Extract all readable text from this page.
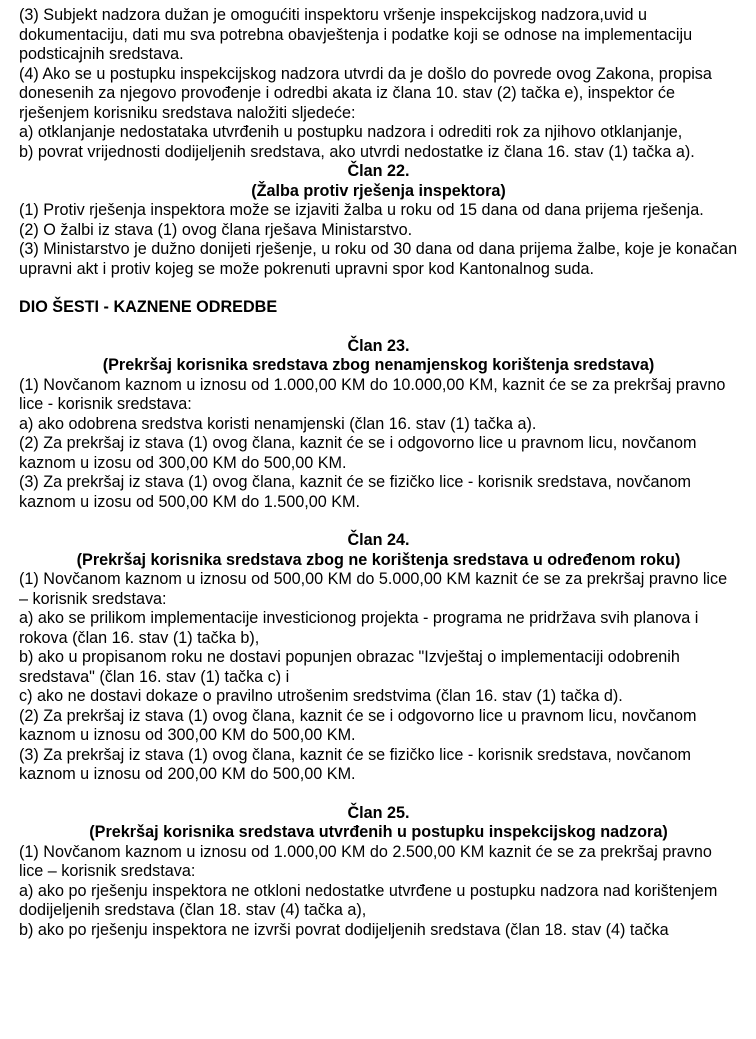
(3) Subjekt nadzora dužan je omogućiti inspektoru vršenje inspekcijskog nadzora,uvid u dokumentaciju, dati mu sva potrebna obavještenja i podatke koji se odnose na implementaciju podsticajnih sredstava.

(4) Ako se u postupku inspekcijskog nadzora utvrdi da je došlo do povrede ovog Zakona, propisa donesenih za njegovo provođenje i odredbi akata iz člana 10. stav (2) tačka e), inspektor će rješenjem korisniku sredstava naložiti sljedeće:

a) otklanjanje nedostataka utvrđenih u postupku nadzora i odrediti rok za njihovo otklanjanje,

b) povrat vrijednosti dodijeljenih sredstava, ako utvrdi nedostatke iz člana 16. stav (1) tačka a).

Član 22.

(Žalba protiv rješenja inspektora)

(1) Protiv rješenja inspektora može se izjaviti žalba u roku od 15 dana od dana prijema rješenja.

(2) O žalbi iz stava (1) ovog člana rješava Ministarstvo.

(3) Ministarstvo je dužno donijeti rješenje, u roku od 30 dana od dana prijema žalbe, koje je konačan upravni akt i protiv kojeg se može pokrenuti upravni spor kod Kantonalnog suda.

DIO ŠESTI - KAZNENE ODREDBE

Član 23.

(Prekršaj korisnika sredstava zbog nenamjenskog korištenja sredstava)

(1) Novčanom kaznom u iznosu od 1.000,00 KM do 10.000,00 KM, kaznit će se za prekršaj pravno lice - korisnik sredstava:

a) ako odobrena sredstva koristi nenamjenski (član 16. stav (1) tačka a).

(2) Za prekršaj iz stava (1) ovog člana, kaznit će se i odgovorno lice u pravnom licu, novčanom kaznom u izosu od 300,00 KM do 500,00 KM.

(3) Za prekršaj iz stava (1) ovog člana, kaznit će se fizičko lice - korisnik sredstava, novčanom kaznom u izosu od 500,00 KM do 1.500,00 KM.

Član 24.

(Prekršaj korisnika sredstava zbog ne korištenja sredstava u određenom roku)

(1) Novčanom kaznom u iznosu od 500,00 KM do 5.000,00 KM kaznit će se za prekršaj pravno lice – korisnik sredstava:

a) ako se prilikom implementacije investicionog projekta - programa ne pridržava svih planova i rokova (član 16. stav (1) tačka b),

b) ako u propisanom roku ne dostavi popunjen obrazac "Izvještaj o implementaciji odobrenih sredstava" (član 16. stav (1) tačka c) i

c) ako ne dostavi dokaze o pravilno utrošenim sredstvima (član 16. stav (1) tačka d).

(2) Za prekršaj iz stava (1) ovog člana, kaznit će se i odgovorno lice u pravnom licu, novčanom kaznom u iznosu od 300,00 KM do 500,00 KM.

(3) Za prekršaj iz stava (1) ovog člana, kaznit će se fizičko lice - korisnik sredstava, novčanom kaznom u iznosu od 200,00 KM do 500,00 KM.

Član 25.

(Prekršaj korisnika sredstava utvrđenih u postupku inspekcijskog nadzora)

(1) Novčanom kaznom u iznosu od 1.000,00 KM do 2.500,00 KM kaznit će se za prekršaj pravno lice – korisnik sredstava:

a) ako po rješenju inspektora ne otkloni nedostatke utvrđene u postupku nadzora nad korištenjem dodijeljenih sredstava (član 18. stav (4) tačka a),

b) ako po rješenju inspektora ne izvrši povrat dodijeljenih sredstava (član 18. stav (4) tačka
